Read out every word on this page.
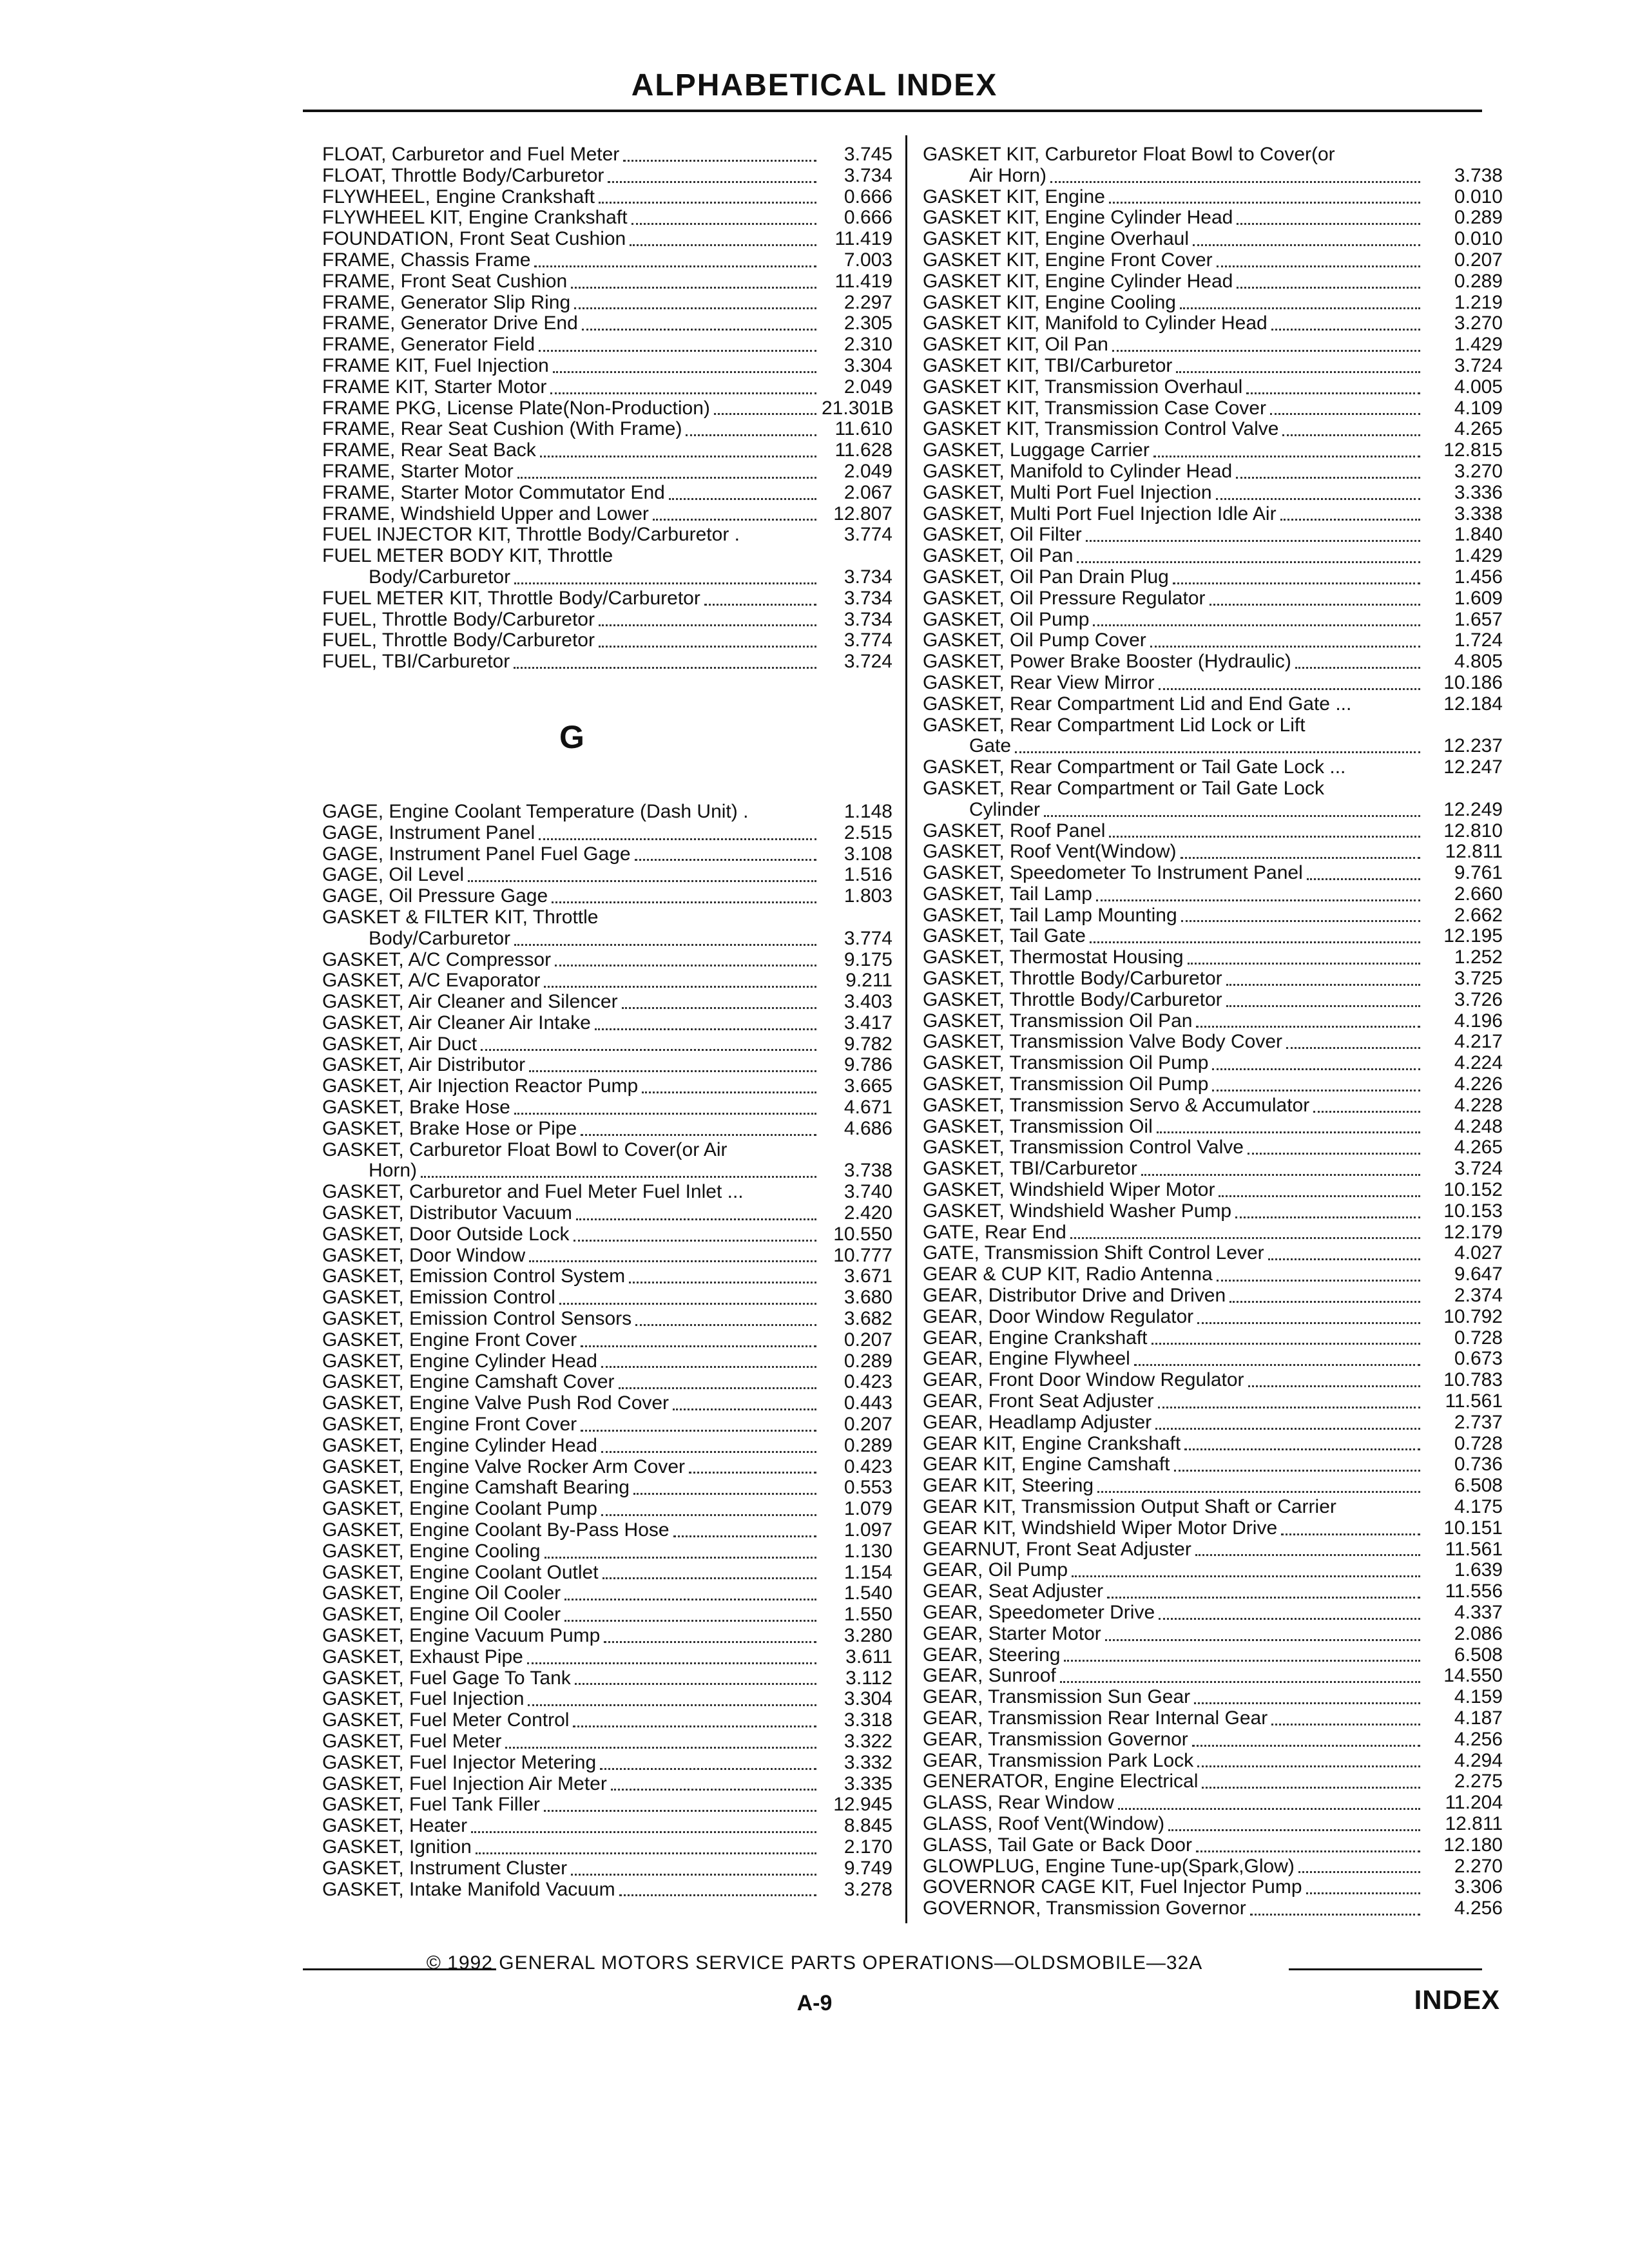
ALPHABETICAL INDEX
FLOAT, Carburetor and Fuel Meter	3.745
FLOAT, Throttle Body/Carburetor	3.734
FLYWHEEL, Engine Crankshaft	0.666
FLYWHEEL KIT, Engine Crankshaft	0.666
FOUNDATION, Front Seat Cushion	11.419
FRAME, Chassis Frame	7.003
FRAME, Front Seat Cushion	11.419
FRAME, Generator Slip Ring	2.297
FRAME, Generator Drive End	2.305
FRAME, Generator Field	2.310
FRAME KIT, Fuel Injection	3.304
FRAME KIT, Starter Motor	2.049
FRAME PKG, License Plate(Non-Production)	21.301B
FRAME, Rear Seat Cushion (With Frame)	11.610
FRAME, Rear Seat Back	11.628
FRAME, Starter Motor	2.049
FRAME, Starter Motor Commutator End	2.067
FRAME, Windshield Upper and Lower	12.807
FUEL INJECTOR KIT, Throttle Body/Carburetor .	3.774
FUEL METER BODY KIT, Throttle
Body/Carburetor	3.734
FUEL METER KIT, Throttle Body/Carburetor	3.734
FUEL, Throttle Body/Carburetor	3.734
FUEL, Throttle Body/Carburetor	3.774
FUEL, TBI/Carburetor	3.724
G
GAGE, Engine Coolant Temperature (Dash Unit) .	1.148
GAGE, Instrument Panel	2.515
GAGE, Instrument Panel Fuel Gage	3.108
GAGE, Oil Level	1.516
GAGE, Oil Pressure Gage	1.803
GASKET & FILTER KIT, Throttle
Body/Carburetor	3.774
GASKET, A/C Compressor	9.175
GASKET, A/C Evaporator	9.211
GASKET, Air Cleaner and Silencer	3.403
GASKET, Air Cleaner Air Intake	3.417
GASKET, Air Duct	9.782
GASKET, Air Distributor	9.786
GASKET, Air Injection Reactor Pump	3.665
GASKET, Brake Hose	4.671
GASKET, Brake Hose or Pipe	4.686
GASKET, Carburetor Float Bowl to Cover(or Air
Horn)	3.738
GASKET, Carburetor and Fuel Meter Fuel Inlet ...	3.740
GASKET, Distributor Vacuum	2.420
GASKET, Door Outside Lock	10.550
GASKET, Door Window	10.777
GASKET, Emission Control System	3.671
GASKET, Emission Control	3.680
GASKET, Emission Control Sensors	3.682
GASKET, Engine Front Cover	0.207
GASKET, Engine Cylinder Head	0.289
GASKET, Engine Camshaft Cover	0.423
GASKET, Engine Valve Push Rod Cover	0.443
GASKET, Engine Front Cover	0.207
GASKET, Engine Cylinder Head	0.289
GASKET, Engine Valve Rocker Arm Cover	0.423
GASKET, Engine Camshaft Bearing	0.553
GASKET, Engine Coolant Pump	1.079
GASKET, Engine Coolant By-Pass Hose	1.097
GASKET, Engine Cooling	1.130
GASKET, Engine Coolant Outlet	1.154
GASKET, Engine Oil Cooler	1.540
GASKET, Engine Oil Cooler	1.550
GASKET, Engine Vacuum Pump	3.280
GASKET, Exhaust Pipe	3.611
GASKET, Fuel Gage To Tank	3.112
GASKET, Fuel Injection	3.304
GASKET, Fuel Meter Control	3.318
GASKET, Fuel Meter	3.322
GASKET, Fuel Injector Metering	3.332
GASKET, Fuel Injection Air Meter	3.335
GASKET, Fuel Tank Filler	12.945
GASKET, Heater	8.845
GASKET, Ignition	2.170
GASKET, Instrument Cluster	9.749
GASKET, Intake Manifold Vacuum	3.278
GASKET KIT, Carburetor Float Bowl to Cover(or
Air Horn)	3.738
GASKET KIT, Engine	0.010
GASKET KIT, Engine Cylinder Head	0.289
GASKET KIT, Engine Overhaul	0.010
GASKET KIT, Engine Front Cover	0.207
GASKET KIT, Engine Cylinder Head	0.289
GASKET KIT, Engine Cooling	1.219
GASKET KIT, Manifold to Cylinder Head	3.270
GASKET KIT, Oil Pan	1.429
GASKET KIT, TBI/Carburetor	3.724
GASKET KIT, Transmission Overhaul	4.005
GASKET KIT, Transmission Case Cover	4.109
GASKET KIT, Transmission Control Valve	4.265
GASKET, Luggage Carrier	12.815
GASKET, Manifold to Cylinder Head	3.270
GASKET, Multi Port Fuel Injection	3.336
GASKET, Multi Port Fuel Injection Idle Air	3.338
GASKET, Oil Filter	1.840
GASKET, Oil Pan	1.429
GASKET, Oil Pan Drain Plug	1.456
GASKET, Oil Pressure Regulator	1.609
GASKET, Oil Pump	1.657
GASKET, Oil Pump Cover	1.724
GASKET, Power Brake Booster (Hydraulic)	4.805
GASKET, Rear View Mirror	10.186
GASKET, Rear Compartment Lid and End Gate ...	12.184
GASKET, Rear Compartment Lid Lock or Lift
Gate	12.237
GASKET, Rear Compartment or Tail Gate Lock ...	12.247
GASKET, Rear Compartment or Tail Gate Lock
Cylinder	12.249
GASKET, Roof Panel	12.810
GASKET, Roof Vent(Window)	12.811
GASKET, Speedometer To Instrument Panel	9.761
GASKET, Tail Lamp	2.660
GASKET, Tail Lamp Mounting	2.662
GASKET, Tail Gate	12.195
GASKET, Thermostat Housing	1.252
GASKET, Throttle Body/Carburetor	3.725
GASKET, Throttle Body/Carburetor	3.726
GASKET, Transmission Oil Pan	4.196
GASKET, Transmission Valve Body Cover	4.217
GASKET, Transmission Oil Pump	4.224
GASKET, Transmission Oil Pump	4.226
GASKET, Transmission Servo & Accumulator	4.228
GASKET, Transmission Oil	4.248
GASKET, Transmission Control Valve	4.265
GASKET, TBI/Carburetor	3.724
GASKET, Windshield Wiper Motor	10.152
GASKET, Windshield Washer Pump	10.153
GATE, Rear End	12.179
GATE, Transmission Shift Control Lever	4.027
GEAR & CUP KIT, Radio Antenna	9.647
GEAR, Distributor Drive and Driven	2.374
GEAR, Door Window Regulator	10.792
GEAR, Engine Crankshaft	0.728
GEAR, Engine Flywheel	0.673
GEAR, Front Door Window Regulator	10.783
GEAR, Front Seat Adjuster	11.561
GEAR, Headlamp Adjuster	2.737
GEAR KIT, Engine Crankshaft	0.728
GEAR KIT, Engine Camshaft	0.736
GEAR KIT, Steering	6.508
GEAR KIT, Transmission Output Shaft or Carrier	4.175
GEAR KIT, Windshield Wiper Motor Drive	10.151
GEARNUT, Front Seat Adjuster	11.561
GEAR, Oil Pump	1.639
GEAR, Seat Adjuster	11.556
GEAR, Speedometer Drive	4.337
GEAR, Starter Motor	2.086
GEAR, Steering	6.508
GEAR, Sunroof	14.550
GEAR, Transmission Sun Gear	4.159
GEAR, Transmission Rear Internal Gear	4.187
GEAR, Transmission Governor	4.256
GEAR, Transmission Park Lock	4.294
GENERATOR, Engine Electrical	2.275
GLASS, Rear Window	11.204
GLASS, Roof Vent(Window)	12.811
GLASS, Tail Gate or Back Door	12.180
GLOWPLUG, Engine Tune-up(Spark,Glow)	2.270
GOVERNOR CAGE KIT, Fuel Injector Pump	3.306
GOVERNOR, Transmission Governor	4.256
© 1992 GENERAL MOTORS SERVICE PARTS OPERATIONS—OLDSMOBILE—32A
A-9	INDEX
